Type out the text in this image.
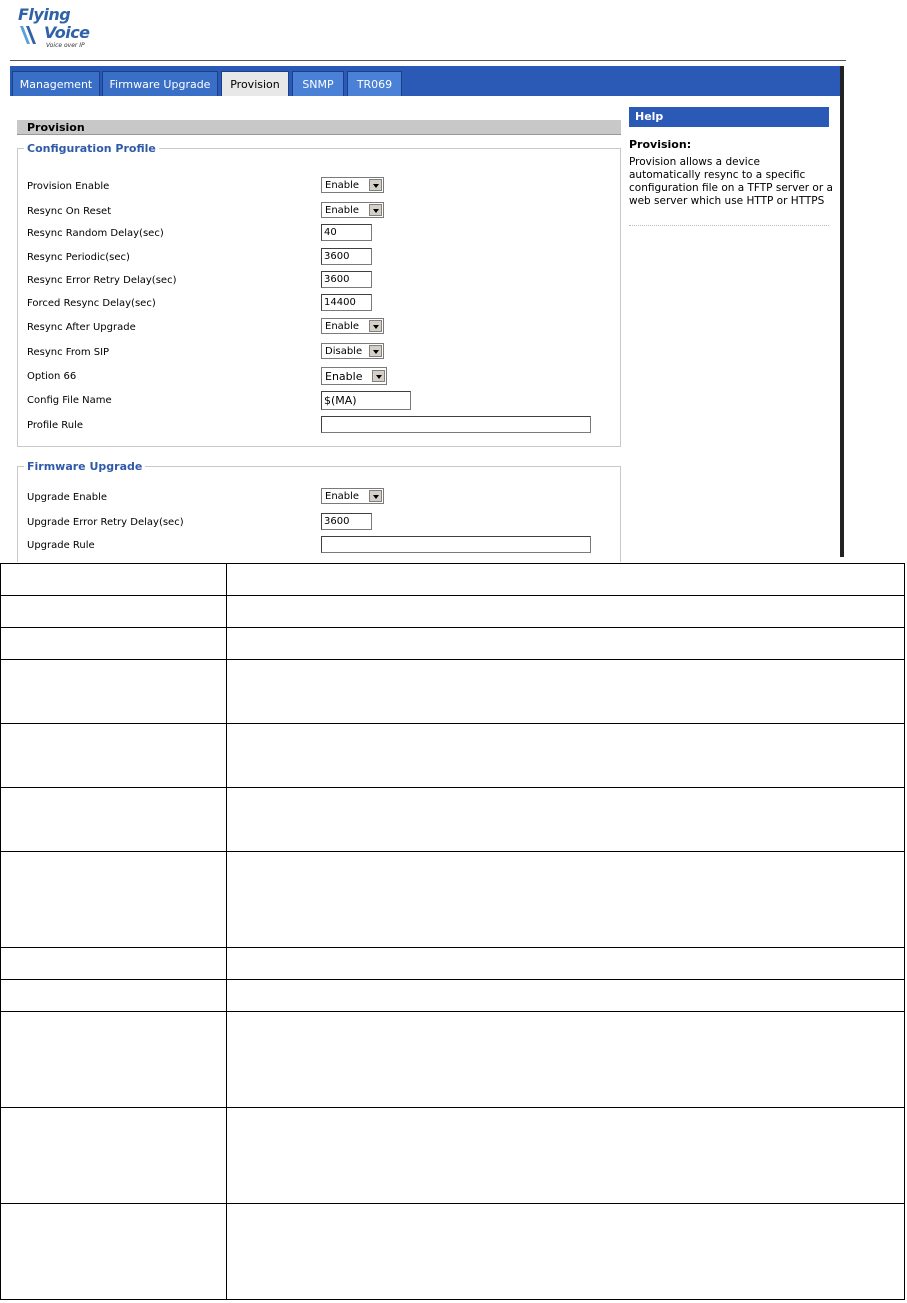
Flying
Voice
Voice over IP
Management	Firmware Upgrade	Provision	SNMP	TR069
Provision
Configuration Profile
Provision Enable	Enable
Resync On Reset	Enable
Resync Random Delay(sec)	40
Resync Periodic(sec)	3600
Resync Error Retry Delay(sec)	3600
Forced Resync Delay(sec)	14400
Resync After Upgrade	Enable
Resync From SIP	Disable
Option 66	Enable
Config File Name	$(MA)
Profile Rule
Firmware Upgrade
Upgrade Enable	Enable
Upgrade Error Retry Delay(sec)	3600
Upgrade Rule
Help
Provision:
Provision allows a device automatically resync to a specific configuration file on a TFTP server or a web server which use HTTP or HTTPS
